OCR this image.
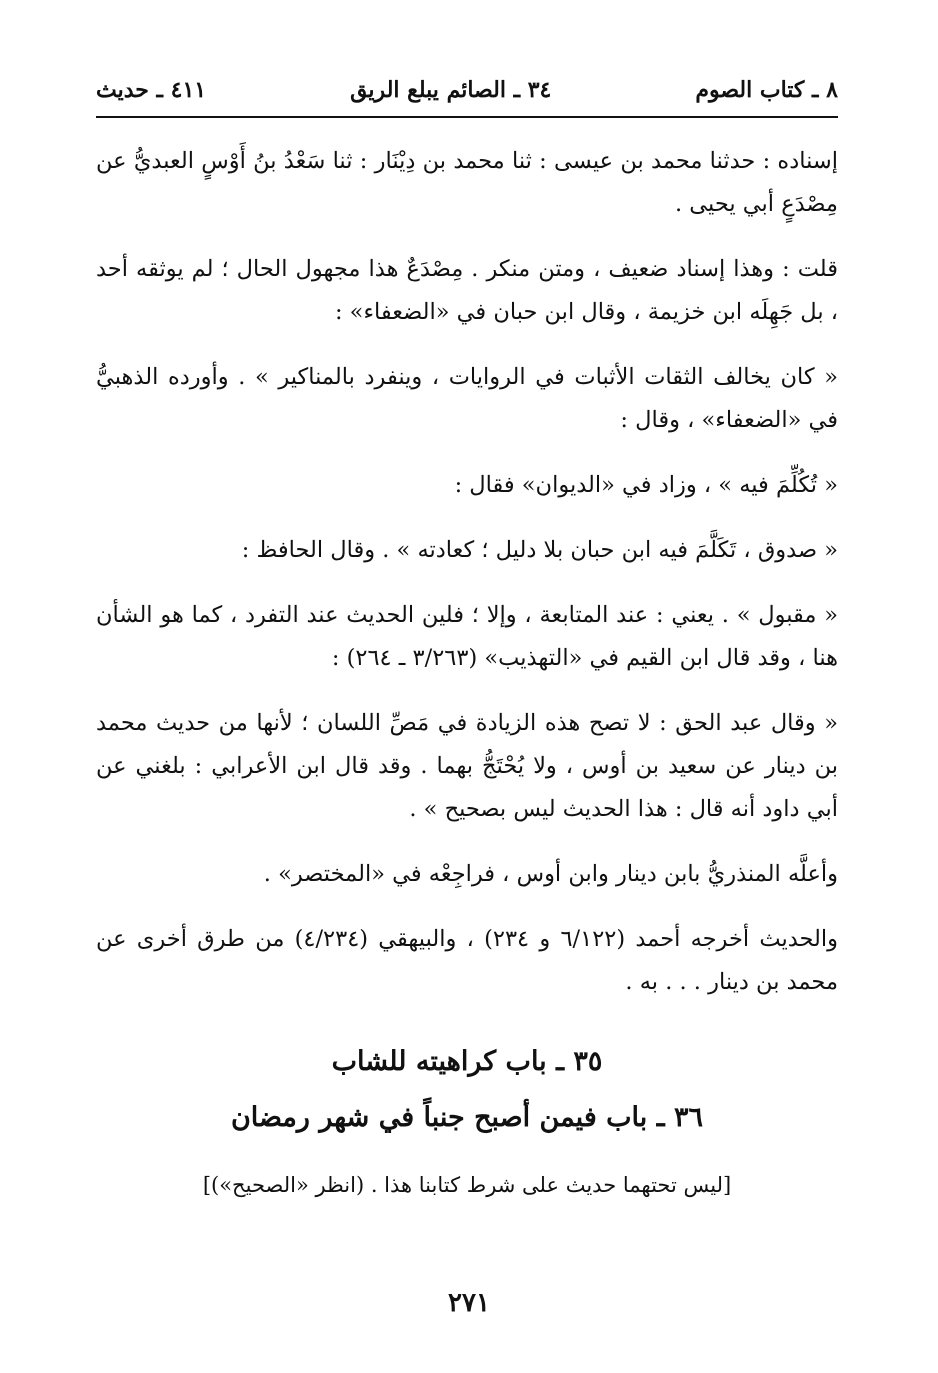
٨ ـ كتاب الصوم
٣٤ ـ الصائم يبلع الريق
٤١١ ـ حديث

إسناده : حدثنا محمد بن عيسى : ثنا محمد بن دِيْنَار : ثنا سَعْدُ بنُ أَوْسٍ العبديُّ عن مِصْدَعٍ أبي يحيى .

قلت : وهذا إسناد ضعيف ، ومتن منكر . مِصْدَعٌ هذا مجهول الحال ؛ لم يوثقه أحد ، بل جَهِلَه ابن خزيمة ، وقال ابن حبان في «الضعفاء» :

« كان يخالف الثقات الأثبات في الروايات ، وينفرد بالمناكير » . وأورده الذهبيُّ في «الضعفاء» ، وقال :

« تُكُلِّمَ فيه » ، وزاد في «الديوان» فقال :

« صدوق ، تَكَلَّمَ فيه ابن حبان بلا دليل ؛ كعادته » . وقال الحافظ :

« مقبول » . يعني : عند المتابعة ، وإلا ؛ فلين الحديث عند التفرد ، كما هو الشأن هنا ، وقد قال ابن القيم في «التهذيب» (٣/٢٦٣ ـ ٢٦٤) :

« وقال عبد الحق : لا تصح هذه الزيادة في مَصِّ اللسان ؛ لأنها من حديث محمد بن دينار عن سعيد بن أوس ، ولا يُحْتَجُّ بهما . وقد قال ابن الأعرابي : بلغني عن أبي داود أنه قال : هذا الحديث ليس بصحيح » .

وأعلَّه المنذريُّ بابن دينار وابن أوس ، فراجِعْه في «المختصر» .

والحديث أخرجه أحمد (٦/١٢٢ و ٢٣٤) ، والبيهقي (٤/٢٣٤) من طرق أخرى عن محمد بن دينار . . . به .

٣٥ ـ باب كراهيته للشاب

٣٦ ـ باب فيمن أصبح جنباً في شهر رمضان

[ليس تحتهما حديث على شرط كتابنا هذا . (انظر «الصحيح»)]

٢٧١
